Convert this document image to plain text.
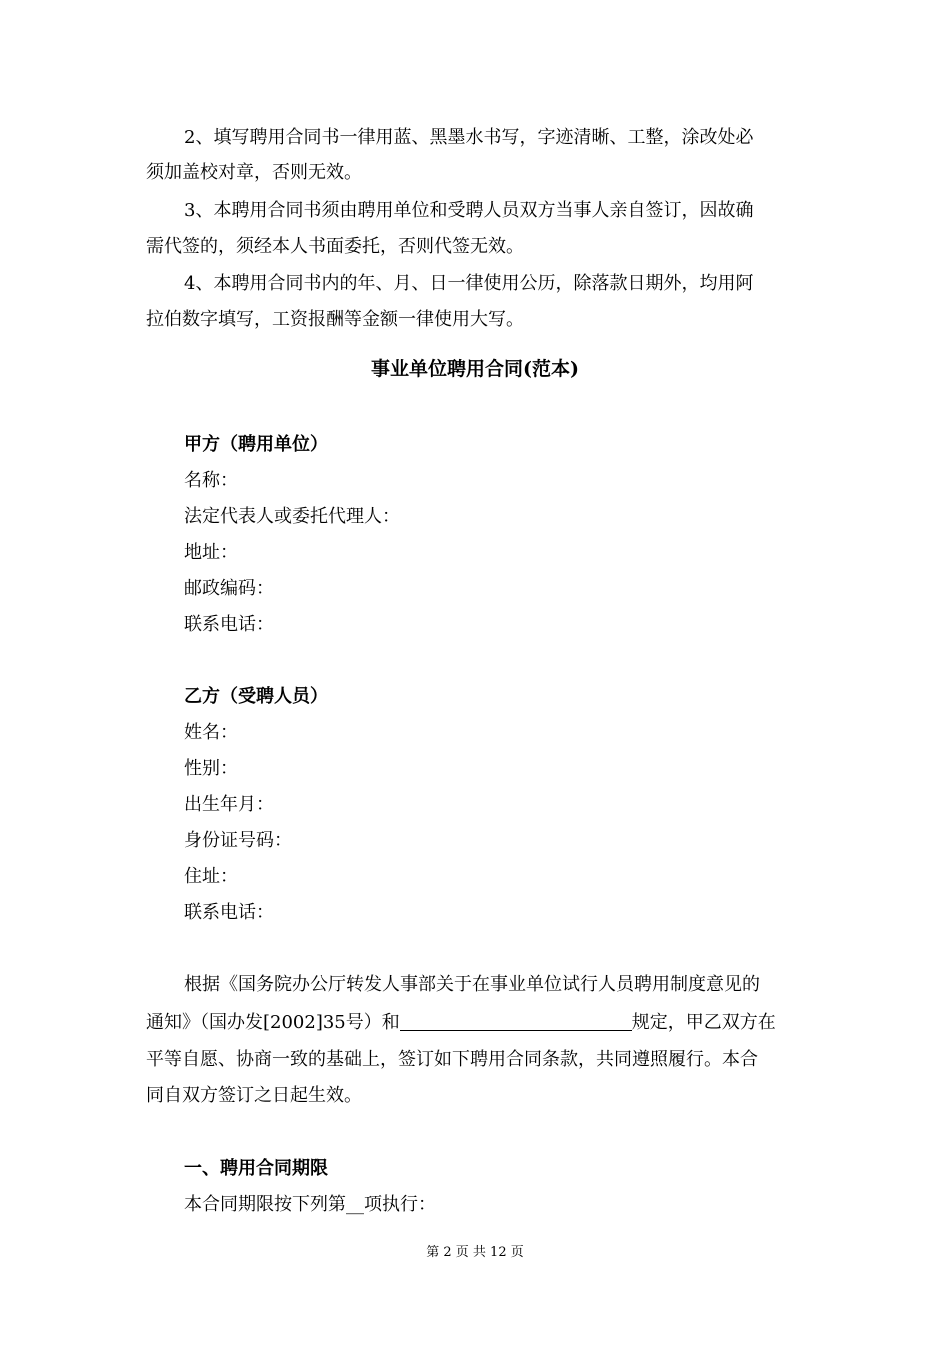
2、填写聘用合同书一律用蓝、黑墨水书写，字迹清晰、工整，涂改处必
须加盖校对章，否则无效。
3、本聘用合同书须由聘用单位和受聘人员双方当事人亲自签订，因故确
需代签的，须经本人书面委托，否则代签无效。
4、本聘用合同书内的年、月、日一律使用公历，除落款日期外，均用阿
拉伯数字填写，工资报酬等金额一律使用大写。
事业单位聘用合同(范本)
甲方（聘用单位）
名称：
法定代表人或委托代理人：
地址：
邮政编码：
联系电话：
乙方（受聘人员）
姓名：
性别：
出生年月：
身份证号码：
住址：
联系电话：
根据《国务院办公厅转发人事部关于在事业单位试行人员聘用制度意见的
通知》（国办发[2002]35号）和	规定，甲乙双方在
平等自愿、协商一致的基础上，签订如下聘用合同条款，共同遵照履行。本合
同自双方签订之日起生效。
一、聘用合同期限
本合同期限按下列第__项执行：
第 2 页 共 12 页
